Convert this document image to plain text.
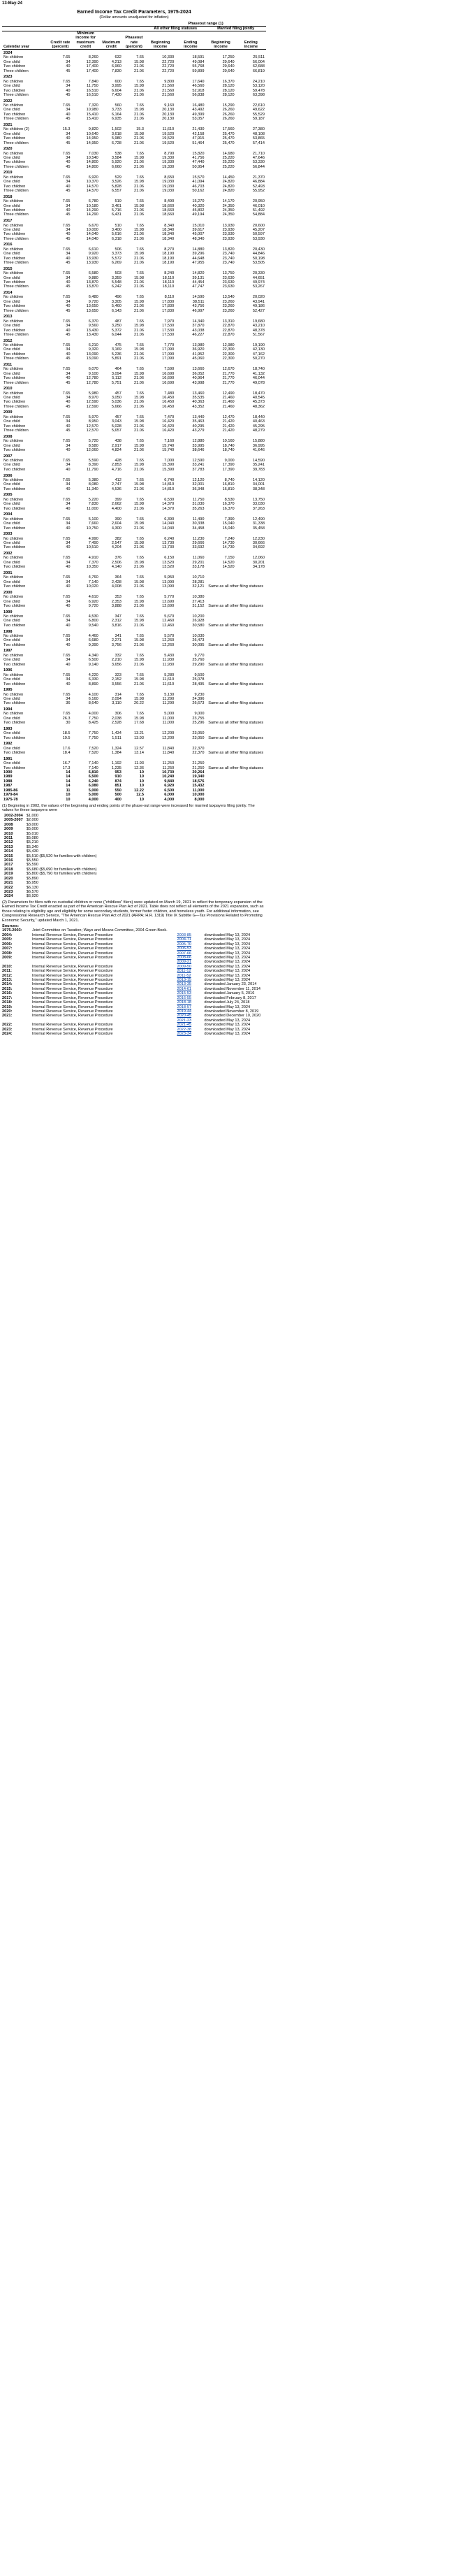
13-May-24

Earned Income Tax Credit Parameters, 1975-2024

(Dollar amounts unadjusted for inflation)

					Phaseout range (1)			
					All other filing statuses		Married filing jointly	
Calendar year	Credit rate (percent)	Minimum income for maximum credit	Maximum credit	Phaseout rate (percent)	Beginning income	Ending income	Beginning income	Ending income
2024								
No children	7.65	8,260	632	7.65	10,330	18,591	17,250	25,511
One child	34	12,390	4,213	15.98	22,720	49,084	29,640	56,004
Two children	40	17,400	6,960	21.06	22,720	55,768	29,640	62,688
Three children	45	17,400	7,830	21.06	22,720	59,899	29,640	66,819
2023								
No children	7.65	7,840	600	7.65	9,800	17,640	16,370	24,210
One child	34	11,750	3,995	15.98	21,560	46,560	28,120	53,120
Two children	40	16,510	6,604	21.06	21,560	52,918	28,120	59,478
Three children	45	16,510	7,430	21.06	21,560	56,838	28,120	63,398
2022								
No children	7.65	7,320	560	7.65	9,160	16,480	15,290	22,610
One child	34	10,980	3,733	15.98	20,130	43,492	26,260	49,622
Two children	40	15,410	6,164	21.06	20,130	49,399	26,260	55,529
Three children	45	15,410	6,935	21.06	20,130	53,057	26,260	59,187
2021								
No children (2)	15.3	9,820	1,502	15.3	11,610	21,430	17,560	27,380
One child	34	10,640	3,618	15.98	19,520	42,158	25,470	48,108
Two children	40	14,950	5,980	21.06	19,520	47,915	25,470	53,865
Three children	45	14,950	6,728	21.06	19,520	51,464	25,470	57,414
2020								
No children	7.65	7,030	538	7.65	8,790	15,820	14,680	21,710
One child	34	10,540	3,584	15.98	19,330	41,756	25,220	47,646
Two children	40	14,800	5,920	21.06	19,330	47,440	25,220	53,330
Three children	45	14,800	6,660	21.06	19,330	50,954	25,220	56,844
2019								
No children	7.65	6,920	529	7.65	8,650	15,570	14,450	21,370
One child	34	10,370	3,526	15.98	19,030	41,094	24,820	46,884
Two children	40	14,570	5,828	21.06	19,030	46,703	24,820	52,493
Three children	45	14,570	6,557	21.06	19,030	50,162	24,820	55,952
2018								
No children	7.65	6,780	519	7.65	8,490	15,270	14,170	20,950
One child	34	10,180	3,461	15.98	18,660	40,320	24,350	46,010
Two children	40	14,290	5,716	21.06	18,660	45,802	24,350	51,492
Three children	45	14,290	6,431	21.06	18,660	49,194	24,350	54,884
2017								
No children	7.65	6,670	510	7.65	8,340	15,010	13,930	20,600
One child	34	10,000	3,400	15.98	18,340	39,617	23,930	45,207
Two children	40	14,040	5,616	21.06	18,340	45,007	23,930	50,597
Three children	45	14,040	6,318	21.06	18,340	48,340	23,930	53,930
2016								
No children	7.65	6,610	506	7.65	8,270	14,880	13,820	20,430
One child	34	9,920	3,373	15.98	18,190	39,296	23,740	44,846
Two children	40	13,930	5,572	21.06	18,190	44,648	23,740	50,198
Three children	45	13,930	6,269	21.06	18,190	47,955	23,740	53,505
2015								
No children	7.65	6,580	503	7.65	8,240	14,820	13,750	20,330
One child	34	9,880	3,359	15.98	18,110	39,131	23,630	44,651
Two children	40	13,870	5,548	21.06	18,110	44,454	23,630	49,974
Three children	45	13,870	6,242	21.06	18,110	47,747	23,630	53,267
2014								
No children	7.65	6,480	496	7.65	8,110	14,590	13,540	20,020
One child	34	9,720	3,305	15.98	17,830	38,511	23,260	43,941
Two children	40	13,650	5,460	21.06	17,830	43,756	23,260	49,186
Three children	45	13,650	6,143	21.06	17,830	46,997	23,260	52,427
2013								
No children	7.65	6,370	487	7.65	7,970	14,340	13,310	19,680
One child	34	9,560	3,250	15.98	17,530	37,870	22,870	43,210
Two children	40	13,430	5,372	21.06	17,530	43,038	22,870	48,378
Three children	45	13,430	6,044	21.06	17,530	46,227	22,870	51,567
2012								
No children	7.65	6,210	475	7.65	7,770	13,980	12,980	19,190
One child	34	9,320	3,169	15.98	17,090	36,920	22,300	42,130
Two children	40	13,090	5,236	21.06	17,090	41,952	22,300	47,162
Three children	45	13,090	5,891	21.06	17,090	45,060	22,300	50,270
2011								
No children	7.65	6,070	464	7.65	7,590	13,660	12,670	18,740
One child	34	9,100	3,094	15.98	16,690	36,052	21,770	41,132
Two children	40	12,780	5,112	21.06	16,690	40,964	21,770	46,044
Three children	45	12,780	5,751	21.06	16,690	43,998	21,770	49,078
2010								
No children	7.65	5,980	457	7.65	7,480	13,460	12,490	18,470
One child	34	8,970	3,050	15.98	16,450	35,535	21,460	40,545
Two children	40	12,590	5,036	21.06	16,450	40,363	21,460	45,373
Three children	45	12,590	5,666	21.06	16,450	43,352	21,460	48,362
2009								
No children	7.65	5,970	457	7.65	7,470	13,440	12,470	18,440
One child	34	8,950	3,043	15.98	16,420	35,463	21,420	40,463
Two children	40	12,570	5,028	21.06	16,420	40,295	21,420	45,295
Three children	45	12,570	5,657	21.06	16,420	43,279	21,420	48,279
2008								
No children	7.65	5,720	438	7.65	7,160	12,880	10,160	15,880
One child	34	8,580	2,917	15.98	15,740	33,995	18,740	36,995
Two children	40	12,060	4,824	21.06	15,740	38,646	18,740	41,646
2007								
No children	7.65	5,590	428	7.65	7,000	12,590	9,000	14,590
One child	34	8,390	2,853	15.98	15,390	33,241	17,390	35,241
Two children	40	11,790	4,716	21.06	15,390	37,783	17,390	39,783
2006								
No children	7.65	5,380	412	7.65	6,740	12,120	8,740	14,120
One child	34	8,080	2,747	15.98	14,810	32,001	16,810	34,001
Two children	40	11,340	4,536	21.06	14,810	36,348	16,810	38,348
2005								
No children	7.65	5,220	399	7.65	6,530	11,750	8,530	13,750
One child	34	7,830	2,662	15.98	14,370	31,030	16,370	33,030
Two children	40	11,000	4,400	21.06	14,370	35,263	16,370	37,263
2004								
No children	7.65	5,100	390	7.65	6,390	11,490	7,390	12,490
One child	34	7,660	2,604	15.98	14,040	30,338	15,040	31,338
Two children	40	10,750	4,300	21.06	14,040	34,458	15,040	35,458
2003								
No children	7.65	4,990	382	7.65	6,240	11,230	7,240	12,230
One child	34	7,490	2,547	15.98	13,730	29,666	14,730	30,666
Two children	40	10,510	4,204	21.06	13,730	33,692	14,730	34,692
2002								
No children	7.65	4,910	376	7.65	6,150	11,060	7,150	12,060
One child	34	7,370	2,506	15.98	13,520	29,201	14,520	30,201
Two children	40	10,350	4,140	21.06	13,520	33,178	14,520	34,178
2001								
No children	7.65	4,760	364	7.65	5,950	10,710	Same as all other filing statuses	
One child	34	7,140	2,428	15.98	13,090	28,281		
Two children	40	10,020	4,008	21.06	13,090	32,121		
2000								
No children	7.65	4,610	353	7.65	5,770	10,380	Same as all other filing statuses	
One child	34	6,920	2,353	15.98	12,690	27,413		
Two children	40	9,720	3,888	21.06	12,690	31,152		
1999								
No children	7.65	4,530	347	7.65	5,670	10,200	Same as all other filing statuses	
One child	34	6,800	2,312	15.98	12,460	26,928		
Two children	40	9,540	3,816	21.06	12,460	30,580		
1998								
No children	7.65	4,460	341	7.65	5,570	10,030	Same as all other filing statuses	
One child	34	6,680	2,271	15.98	12,260	26,473		
Two children	40	9,390	3,756	21.06	12,260	30,095		
1997								
No children	7.65	4,340	332	7.65	5,430	9,770	Same as all other filing statuses	
One child	34	6,500	2,210	15.98	11,930	25,760		
Two children	40	9,140	3,656	21.06	11,930	29,290		
1996								
No children	7.65	4,220	323	7.65	5,280	9,500	Same as all other filing statuses	
One child	34	6,330	2,152	15.98	11,610	25,078		
Two children	40	8,890	3,556	21.06	11,610	28,495		
1995								
No children	7.65	4,100	314	7.65	5,130	9,230	Same as all other filing statuses	
One child	34	6,160	2,094	15.98	11,290	24,396		
Two children	36	8,640	3,110	20.22	11,290	26,673		
1994								
No children	7.65	4,000	306	7.65	5,000	9,000	Same as all other filing statuses	
One child	26.3	7,750	2,038	15.98	11,000	23,755		
Two children	30	8,425	2,528	17.68	11,000	25,296		
1993								
One child	18.5	7,750	1,434	13.21	12,200	23,050	Same as all other filing statuses	
Two children	19.5	7,750	1,511	13.93	12,200	23,050		
1992								
One child	17.6	7,520	1,324	12.57	11,840	22,370	Same as all other filing statuses	
Two children	18.4	7,520	1,384	13.14	11,840	22,370		
1991								
One child	16.7	7,140	1,192	11.93	11,250	21,250	Same as all other filing statuses	
Two children	17.3	7,140	1,235	12.36	11,250	21,250		
1990	14	6,810	953	10	10,730	20,264		
1989	14	6,500	910	10	10,240	19,340		
1988	14	6,240	874	10	9,840	18,576		
1987	14	6,080	851	10	6,920	15,432		
1985-86	11	5,000	550	12.22	6,500	11,000		
1979-84	10	5,000	500	12.5	6,000	10,000		
1975-78	10	4,000	400	10	4,000	8,000		

(1) Beginning in 2002, the values of the beginning and ending points of the phase-out range were increased for married taxpayers filing jointly. The values for these taxpayers were

2002-2004	$1,000
2005-2007	$2,000
2008	$3,000
2009	$5,000
2010	$5,010
2011	$5,080
2012	$5,210
2013	$5,340
2014	$5,430
2015	$5,510 ($5,520 for families with children)
2016	$5,550
2017	$5,590
2018	$5,680 ($5,690 for families with children)
2019	$5,800 ($5,790 for families with children)
2020	$5,890
2021	$5,950
2022	$6,130
2023	$6,570
2024	$6,920

(2) Parameters for filers with no custodial children or none ("childless" filers) were updated on March 19, 2021 to reflect the temporary expansion of the Earned Income Tax Credit enacted as part of the American Rescue Plan Act of 2021. Table does not reflect all elements of the 2021 expansion, such as those relating to eligibility age and eligibility for some secondary students, former foster children, and homeless youth. For additional information, see Congressional Research Service, "The American Rescue Plan Act of 2021 (ARPA; H.R. 1319) Title IX Subtitle G—Tax Provisions Related to Promoting Economic Security," updated March 1, 2021.

Sources:
1975-2003:	Joint Committee on Taxation; Ways and Means Committee, 2004 Green Book.		
2004:	Internal Revenue Service, Revenue Procedure	2003-85	downloaded May 13, 2024
2005:	Internal Revenue Service, Revenue Procedure	2004-71	downloaded May 13, 2024
2006:	Internal Revenue Service, Revenue Procedure	2005-70	downloaded May 13, 2024
2007:	Internal Revenue Service, Revenue Procedure	2006-53	downloaded May 13, 2024
2008:	Internal Revenue Service, Revenue Procedure	2007-66	downloaded May 13, 2024
2009:	Internal Revenue Service, Revenue Procedure	2008-66	downloaded May 13, 2024
		2009-21	downloaded May 13, 2024
2010:	Internal Revenue Service, Revenue Procedure	2009-50	downloaded May 13, 2024
2011:	Internal Revenue Service, Revenue Procedure	2011-12	downloaded May 13, 2024
2012:	Internal Revenue Service, Revenue Procedure	2011-52	downloaded May 13, 2024
2013:	Internal Revenue Service, Revenue Procedure	2013-15	downloaded May 13, 2024
2014:	Internal Revenue Service, Revenue Procedure	2013-35	downloaded January 23, 2014
2015:	Internal Revenue Service, Revenue Procedure	2014-61	downloaded November 11, 2014
2016:	Internal Revenue Service, Revenue Procedure	2015-53	downloaded January 5, 2016
2017:	Internal Revenue Service, Revenue Procedure	2016-55	downloaded February 8, 2017
2018:	Internal Revenue Service, Revenue Procedure	2018-18	downloaded July 24, 2018
2019:	Internal Revenue Service, Revenue Procedure	2018-57	downloaded May 13, 2024
2020:	Internal Revenue Service, Revenue Procedure	2019-44	downloaded November 8, 2019
2021:	Internal Revenue Service, Revenue Procedure	2020-45	downloaded December 10, 2020
		2021-23	downloaded May 13, 2024
2022:	Internal Revenue Service, Revenue Procedure	2021-45	downloaded May 13, 2024
2023:	Internal Revenue Service, Revenue Procedure	2022-38	downloaded May 13, 2024
2024:	Internal Revenue Service, Revenue Procedure	2023-34	downloaded May 13, 2024
